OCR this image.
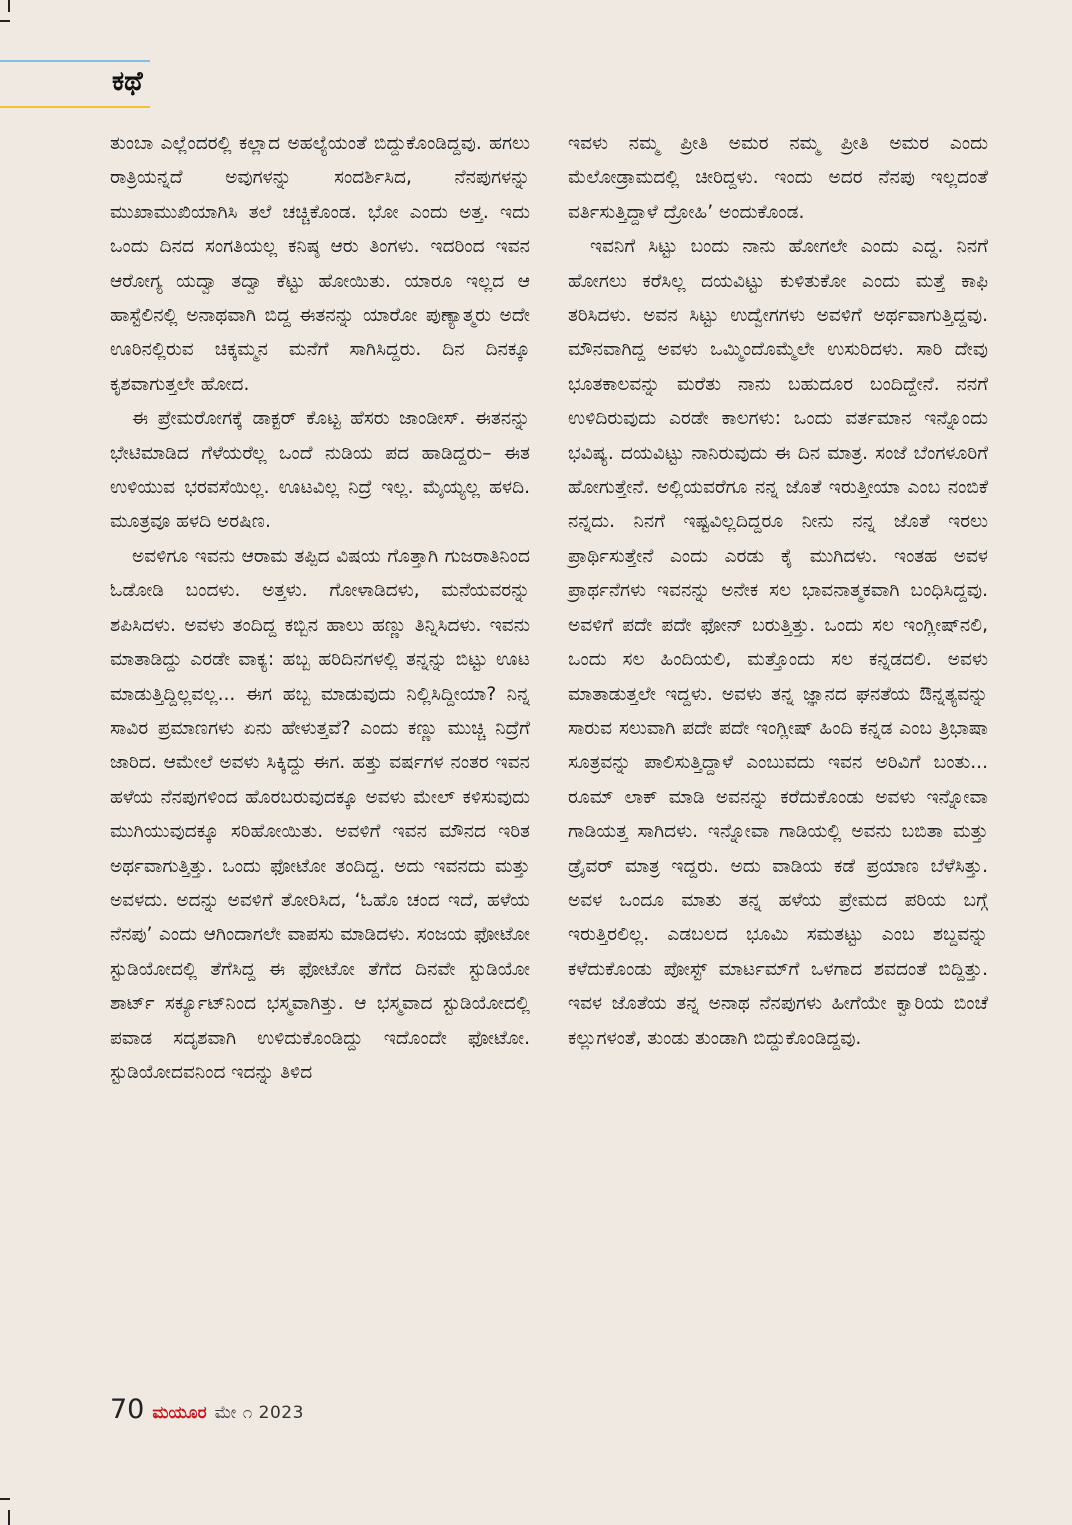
ಕಥೆ

ತುಂಬಾ ಎಲ್ಲೆಂದರಲ್ಲಿ ಕಲ್ಲಾದ ಅಹಲ್ಯೆಯಂತೆ ಬಿದ್ದುಕೊಂಡಿದ್ದವು. ಹಗಲು ರಾತ್ರಿಯನ್ನದೆ ಅವುಗಳನ್ನು ಸಂದರ್ಶಿಸಿದ, ನೆನಪುಗಳನ್ನು ಮುಖಾಮುಖಿಯಾಗಿಸಿ ತಲೆ ಚಚ್ಚಿಕೊಂಡ. ಭೋ ಎಂದು ಅತ್ತ. ಇದು ಒಂದು ದಿನದ ಸಂಗತಿಯಲ್ಲ ಕನಿಷ್ಠ ಆರು ತಿಂಗಳು. ಇದರಿಂದ ಇವನ ಆರೋಗ್ಯ ಯದ್ವಾ ತದ್ವಾ ಕೆಟ್ಟು ಹೋಯಿತು. ಯಾರೂ ಇಲ್ಲದ ಆ ಹಾಸ್ಟೆಲಿನಲ್ಲಿ ಅನಾಥವಾಗಿ ಬಿದ್ದ ಈತನನ್ನು ಯಾರೋ ಪುಣ್ಯಾತ್ಮರು ಅದೇ ಊರಿನಲ್ಲಿರುವ ಚಿಕ್ಕಮ್ಮನ ಮನೆಗೆ ಸಾಗಿಸಿದ್ದರು. ದಿನ ದಿನಕ್ಕೂ ಕೃಶವಾಗುತ್ತಲೇ ಹೋದ.

ಈ ಪ್ರೇಮರೋಗಕ್ಕೆ ಡಾಕ್ಟರ್ ಕೊಟ್ಟ ಹೆಸರು ಜಾಂಡೀಸ್. ಈತನನ್ನು ಭೇಟಿಮಾಡಿದ ಗೆಳೆಯರೆಲ್ಲ ಒಂದೆ ನುಡಿಯ ಪದ ಹಾಡಿದ್ದರು– ಈತ ಉಳಿಯುವ ಭರವಸೆಯಿಲ್ಲ. ಊಟವಿಲ್ಲ ನಿದ್ರೆ ಇಲ್ಲ. ಮೈಯ್ಯಲ್ಲ ಹಳದಿ. ಮೂತ್ರವೂ ಹಳದಿ ಅರಷಿಣ.

ಅವಳಿಗೂ ಇವನು ಆರಾಮ ತಪ್ಪಿದ ವಿಷಯ ಗೊತ್ತಾಗಿ ಗುಜರಾತಿನಿಂದ ಓಡೋಡಿ ಬಂದಳು. ಅತ್ತಳು. ಗೋಳಾಡಿದಳು, ಮನೆಯವರನ್ನು ಶಪಿಸಿದಳು. ಅವಳು ತಂದಿದ್ದ ಕಬ್ಬಿನ ಹಾಲು ಹಣ್ಣು ತಿನ್ನಿಸಿದಳು. ಇವನು ಮಾತಾಡಿದ್ದು ಎರಡೇ ವಾಕ್ಯ: ಹಬ್ಬ ಹರಿದಿನಗಳಲ್ಲಿ ತನ್ನನ್ನು ಬಿಟ್ಟು ಊಟ ಮಾಡುತ್ತಿದ್ದಿಲ್ಲವಲ್ಲ... ಈಗ ಹಬ್ಬ ಮಾಡುವುದು ನಿಲ್ಲಿಸಿದ್ದೀಯಾ? ನಿನ್ನ ಸಾವಿರ ಪ್ರಮಾಣಗಳು ಏನು ಹೇಳುತ್ತವೆ? ಎಂದು ಕಣ್ಣು ಮುಚ್ಚಿ ನಿದ್ರೆಗೆ ಜಾರಿದ. ಆಮೇಲೆ ಅವಳು ಸಿಕ್ಕಿದ್ದು ಈಗ. ಹತ್ತು ವರ್ಷಗಳ ನಂತರ ಇವನ ಹಳೆಯ ನೆನಪುಗಳಿಂದ ಹೊರಬರುವುದಕ್ಕೂ ಅವಳು ಮೇಲ್ ಕಳಿಸುವುದು ಮುಗಿಯುವುದಕ್ಕೂ ಸರಿಹೋಯಿತು. ಅವಳಿಗೆ ಇವನ ಮೌನದ ಇರಿತ ಅರ್ಥವಾಗುತ್ತಿತ್ತು. ಒಂದು ಫೋಟೋ ತಂದಿದ್ದ. ಅದು ಇವನದು ಮತ್ತು ಅವಳದು. ಅದನ್ನು ಅವಳಿಗೆ ತೋರಿಸಿದ, ‘ಓಹೊ ಚಂದ ಇದೆ, ಹಳೆಯ ನೆನಪು’ ಎಂದು ಆಗಿಂದಾಗಲೇ ವಾಪಸು ಮಾಡಿದಳು. ಸಂಜಯ ಫೋಟೋ ಸ್ಟುಡಿಯೋದಲ್ಲಿ ತೆಗೆಸಿದ್ದ ಈ ಫೋಟೋ ತೆಗೆದ ದಿನವೇ ಸ್ಟುಡಿಯೋ ಶಾರ್ಟ್ ಸರ್ಕ್ಯೂಟ್‌ನಿಂದ ಭಸ್ಮವಾಗಿತ್ತು. ಆ ಭಸ್ಮವಾದ ಸ್ಟುಡಿಯೋದಲ್ಲಿ ಪವಾಡ ಸದೃಶವಾಗಿ ಉಳಿದುಕೊಂಡಿದ್ದು ಇದೊಂದೇ ಫೋಟೋ. ಸ್ಟುಡಿಯೋದವನಿಂದ ಇದನ್ನು ತಿಳಿದ

ಇವಳು ನಮ್ಮ ಪ್ರೀತಿ ಅಮರ ನಮ್ಮ ಪ್ರೀತಿ ಅಮರ ಎಂದು ಮೆಲೋಡ್ರಾಮದಲ್ಲಿ ಚೀರಿದ್ದಳು. ಇಂದು ಅದರ ನೆನಪು ಇಲ್ಲದಂತೆ ವರ್ತಿಸುತ್ತಿದ್ದಾಳೆ ದ್ರೋಹಿ’ ಅಂದುಕೊಂಡ.

ಇವನಿಗೆ ಸಿಟ್ಟು ಬಂದು ನಾನು ಹೋಗಲೇ ಎಂದು ಎದ್ದ. ನಿನಗೆ ಹೋಗಲು ಕರೆಸಿಲ್ಲ ದಯವಿಟ್ಟು ಕುಳಿತುಕೋ ಎಂದು ಮತ್ತೆ ಕಾಫಿ ತರಿಸಿದಳು. ಅವನ ಸಿಟ್ಟು ಉದ್ವೇಗಗಳು ಅವಳಿಗೆ ಅರ್ಥವಾಗುತ್ತಿದ್ದವು. ಮೌನವಾಗಿದ್ದ ಅವಳು ಒಮ್ಮಿಂದೊಮ್ಮೆಲೇ ಉಸುರಿದಳು. ಸಾರಿ ದೇವು ಭೂತಕಾಲವನ್ನು ಮರೆತು ನಾನು ಬಹುದೂರ ಬಂದಿದ್ದೇನೆ. ನನಗೆ ಉಳಿದಿರುವುದು ಎರಡೇ ಕಾಲಗಳು: ಒಂದು ವರ್ತಮಾನ ಇನ್ನೊಂದು ಭವಿಷ್ಯ. ದಯವಿಟ್ಟು ನಾನಿರುವುದು ಈ ದಿನ ಮಾತ್ರ. ಸಂಜೆ ಬೆಂಗಳೂರಿಗೆ ಹೋಗುತ್ತೇನೆ. ಅಲ್ಲಿಯವರೆಗೂ ನನ್ನ ಜೊತೆ ಇರುತ್ತೀಯಾ ಎಂಬ ನಂಬಿಕೆ ನನ್ನದು. ನಿನಗೆ ಇಷ್ಟವಿಲ್ಲದಿದ್ದರೂ ನೀನು ನನ್ನ ಜೊತೆ ಇರಲು ಪ್ರಾರ್ಥಿಸುತ್ತೇನೆ ಎಂದು ಎರಡು ಕೈ ಮುಗಿದಳು. ಇಂತಹ ಅವಳ ಪ್ರಾರ್ಥನೆಗಳು ಇವನನ್ನು ಅನೇಕ ಸಲ ಭಾವನಾತ್ಮಕವಾಗಿ ಬಂಧಿಸಿದ್ದವು. ಅವಳಿಗೆ ಪದೇ ಪದೇ ಫೋನ್ ಬರುತ್ತಿತ್ತು. ಒಂದು ಸಲ ಇಂಗ್ಲೀಷ್‌ನಲಿ, ಒಂದು ಸಲ ಹಿಂದಿಯಲಿ, ಮತ್ತೊಂದು ಸಲ ಕನ್ನಡದಲಿ. ಅವಳು ಮಾತಾಡುತ್ತಲೇ ಇದ್ದಳು. ಅವಳು ತನ್ನ ಜ್ಞಾನದ ಘನತೆಯ ಔನ್ನತ್ಯವನ್ನು ಸಾರುವ ಸಲುವಾಗಿ ಪದೇ ಪದೇ ಇಂಗ್ಲೀಷ್ ಹಿಂದಿ ಕನ್ನಡ ಎಂಬ ತ್ರಿಭಾಷಾ ಸೂತ್ರವನ್ನು ಪಾಲಿಸುತ್ತಿದ್ದಾಳೆ ಎಂಬುವದು ಇವನ ಅರಿವಿಗೆ ಬಂತು... ರೂಮ್ ಲಾಕ್ ಮಾಡಿ ಅವನನ್ನು ಕರೆದುಕೊಂಡು ಅವಳು ಇನ್ನೋವಾ ಗಾಡಿಯತ್ತ ಸಾಗಿದಳು. ಇನ್ನೋವಾ ಗಾಡಿಯಲ್ಲಿ ಅವನು ಬಬಿತಾ ಮತ್ತು ಡ್ರೈವರ್ ಮಾತ್ರ ಇದ್ದರು. ಅದು ವಾಡಿಯ ಕಡೆ ಪ್ರಯಾಣ ಬೆಳೆಸಿತ್ತು. ಅವಳ ಒಂದೂ ಮಾತು ತನ್ನ ಹಳೆಯ ಪ್ರೇಮದ ಪರಿಯ ಬಗ್ಗೆ ಇರುತ್ತಿರಲಿಲ್ಲ. ಎಡಬಲದ ಭೂಮಿ ಸಮತಟ್ಟು ಎಂಬ ಶಬ್ದವನ್ನು ಕಳೆದುಕೊಂಡು ಪೋಸ್ಟ್ ಮಾರ್ಟಮ್‌ಗೆ ಒಳಗಾದ ಶವದಂತೆ ಬಿದ್ದಿತ್ತು. ಇವಳ ಜೊತೆಯ ತನ್ನ ಅನಾಥ ನೆನಪುಗಳು ಹೀಗೆಯೇ ಕ್ವಾರಿಯ ಬಿಂಚೆ ಕಲ್ಲುಗಳಂತೆ, ತುಂಡು ತುಂಡಾಗಿ ಬಿದ್ದುಕೊಂಡಿದ್ದವು.

70 ಮಯೂರ ಮೇ ೧ 2023
